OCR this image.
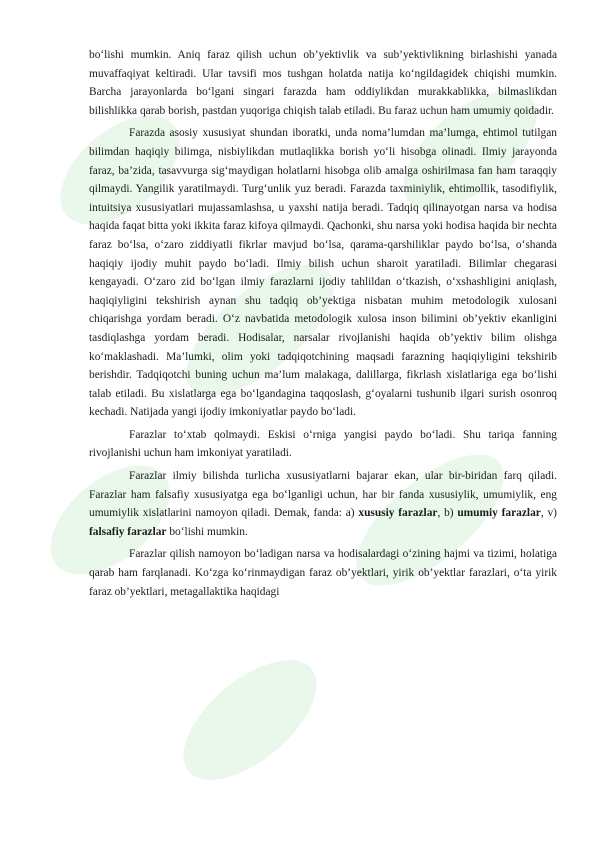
bo‘lishi mumkin. Aniq faraz qilish uchun ob’yektivlik va sub’yektivlikning birlashishi yanada muvaffaqiyat keltiradi. Ular tavsifi mos tushgan holatda natija ko‘ngildagidek chiqishi mumkin. Barcha jarayonlarda bo‘lgani singari farazda ham oddiylikdan murakkablikka, bilmaslikdan bilishlikka qarab borish, pastdan yuqoriga chiqish talab etiladi. Bu faraz uchun ham umumiy qoidadir.

Farazda asosiy xususiyat shundan iboratki, unda noma’lumdan ma’lumga, ehtimol tutilgan bilimdan haqiqiy bilimga, nisbiylikdan mutlaqlikka borish yo‘li hisobga olinadi. Ilmiy jarayonda faraz, ba’zida, tasavvurga sig‘maydigan holatlarni hisobga olib amalga oshirilmasa fan ham taraqqiy qilmaydi. Yangilik yaratilmaydi. Turg‘unlik yuz beradi. Farazda taxminiylik, ehtimollik, tasodifiylik, intuitsiya xususiyatlari mujassamlashsa, u yaxshi natija beradi. Tadqiq qilinayotgan narsa va hodisa haqida faqat bitta yoki ikkita faraz kifoya qilmaydi. Qachonki, shu narsa yoki hodisa haqida bir nechta faraz bo‘lsa, o‘zaro ziddiyatli fikrlar mavjud bo‘lsa, qarama-qarshiliklar paydo bo‘lsa, o‘shanda haqiqiy ijodiy muhit paydo bo‘ladi. Ilmiy bilish uchun sharoit yaratiladi. Bilimlar chegarasi kengayadi. O‘zaro zid bo‘lgan ilmiy farazlarni ijodiy tahlildan o‘tkazish, o‘xshashligini aniqlash, haqiqiyligini tekshirish aynan shu tadqiq ob’yektiga nisbatan muhim metodologik xulosani chiqarishga yordam beradi. O‘z navbatida metodologik xulosa inson bilimini ob’yektiv ekanligini tasdiqlashga yordam beradi. Hodisalar, narsalar rivojlanishi haqida ob’yektiv bilim olishga ko‘maklashadi. Ma’lumki, olim yoki tadqiqotchining maqsadi farazning haqiqiyligini tekshirib berishdir. Tadqiqotchi buning uchun ma’lum malakaga, dalillarga, fikrlash xislatlariga ega bo‘lishi talab etiladi. Bu xislatlarga ega bo‘lgandagina taqqoslash, g‘oyalarni tushunib ilgari surish osonroq kechadi. Natijada yangi ijodiy imkoniyatlar paydo bo‘ladi.

Farazlar to‘xtab qolmaydi. Eskisi o‘rniga yangisi paydo bo‘ladi. Shu tariqa fanning rivojlanishi uchun ham imkoniyat yaratiladi.

Farazlar ilmiy bilishda turlicha xususiyatlarni bajarar ekan, ular bir-biridan farq qiladi. Farazlar ham falsafiy xususiyatga ega bo‘lganligi uchun, har bir fanda xususiylik, umumiylik, eng umumiylik xislatlarini namoyon qiladi. Demak, fanda: a) xususiy farazlar, b) umumiy farazlar, v) falsafiy farazlar bo‘lishi mumkin.

Farazlar qilish namoyon bo‘ladigan narsa va hodisalardagi o‘zining hajmi va tizimi, holatiga qarab ham farqlanadi. Ko‘zga ko‘rinmaydigan faraz ob’yektlari, yirik ob’yektlar farazlari, o‘ta yirik faraz ob’yektlari, metagallaktika haqidagi
